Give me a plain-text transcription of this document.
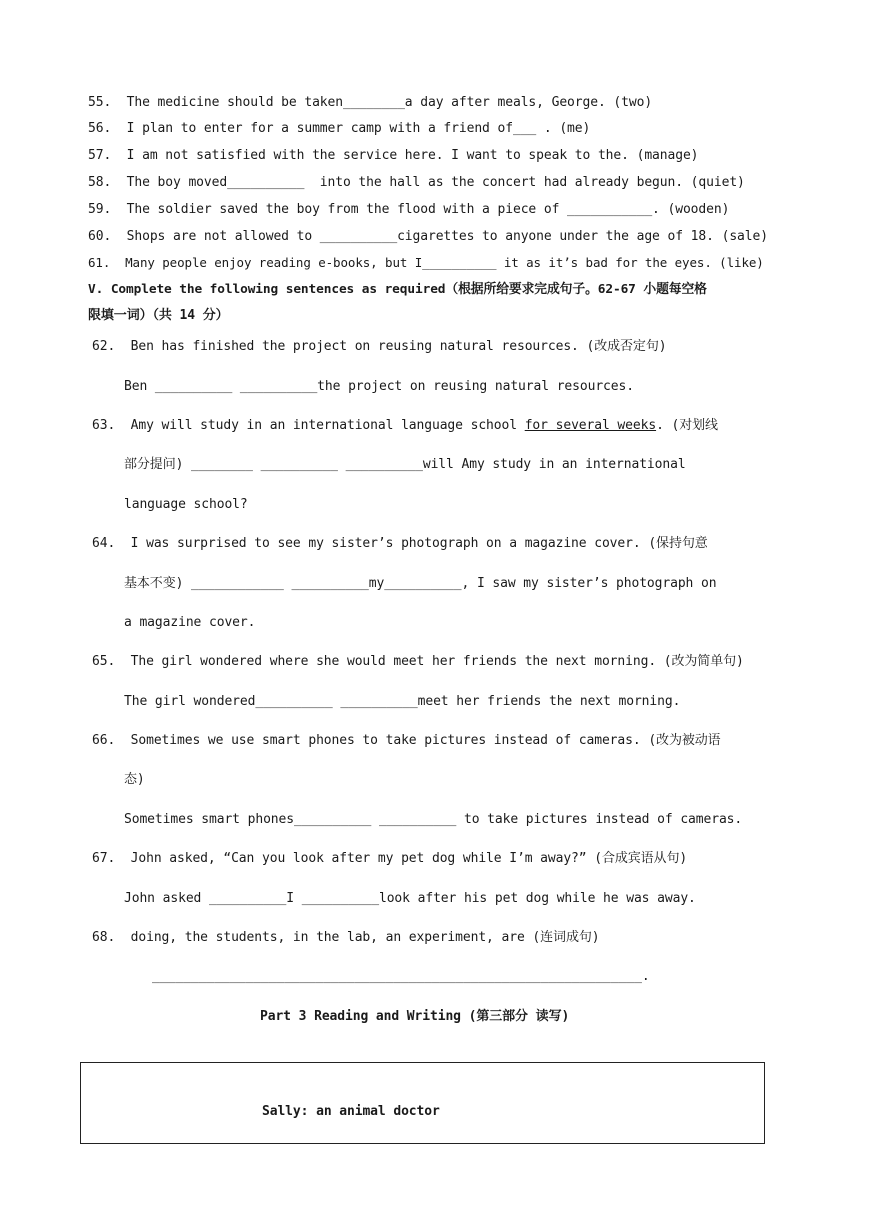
55.  The medicine should be taken________a day after meals, George. (two)
56.  I plan to enter for a summer camp with a friend of___ . (me)
57.  I am not satisfied with the service here. I want to speak to the. (manage)
58.  The boy moved__________  into the hall as the concert had already begun. (quiet)
59.  The soldier saved the boy from the flood with a piece of ___________. (wooden)
60.  Shops are not allowed to __________cigarettes to anyone under the age of 18. (sale)
61.  Many people enjoy reading e-books, but I__________ it as it’s bad for the eyes. (like)
V. Complete the following sentences as required（根据所给要求完成句子。62-67 小题每空格
限填一词）（共 14 分）
62.  Ben has finished the project on reusing natural resources. (改成否定句)
Ben __________ __________the project on reusing natural resources.
63.  Amy will study in an international language school for several weeks. (对划线
部分提问) ________ __________ __________will Amy study in an international
language school?
64.  I was surprised to see my sister’s photograph on a magazine cover. (保持句意
基本不变) ____________ __________my__________, I saw my sister’s photograph on
a magazine cover.
65.  The girl wondered where she would meet her friends the next morning. (改为简单句)
The girl wondered__________ __________meet her friends the next morning.
66.  Sometimes we use smart phones to take pictures instead of cameras. (改为被动语
态)
Sometimes smart phones__________ __________ to take pictures instead of cameras.
67.  John asked, “Can you look after my pet dog while I’m away?” (合成宾语从句)
John asked __________I __________look after his pet dog while he was away.
68.  doing, the students, in the lab, an experiment, are (连词成句)
_______________________________________________________________.
Part 3 Reading and Writing (第三部分 读写)
Sally: an animal doctor
